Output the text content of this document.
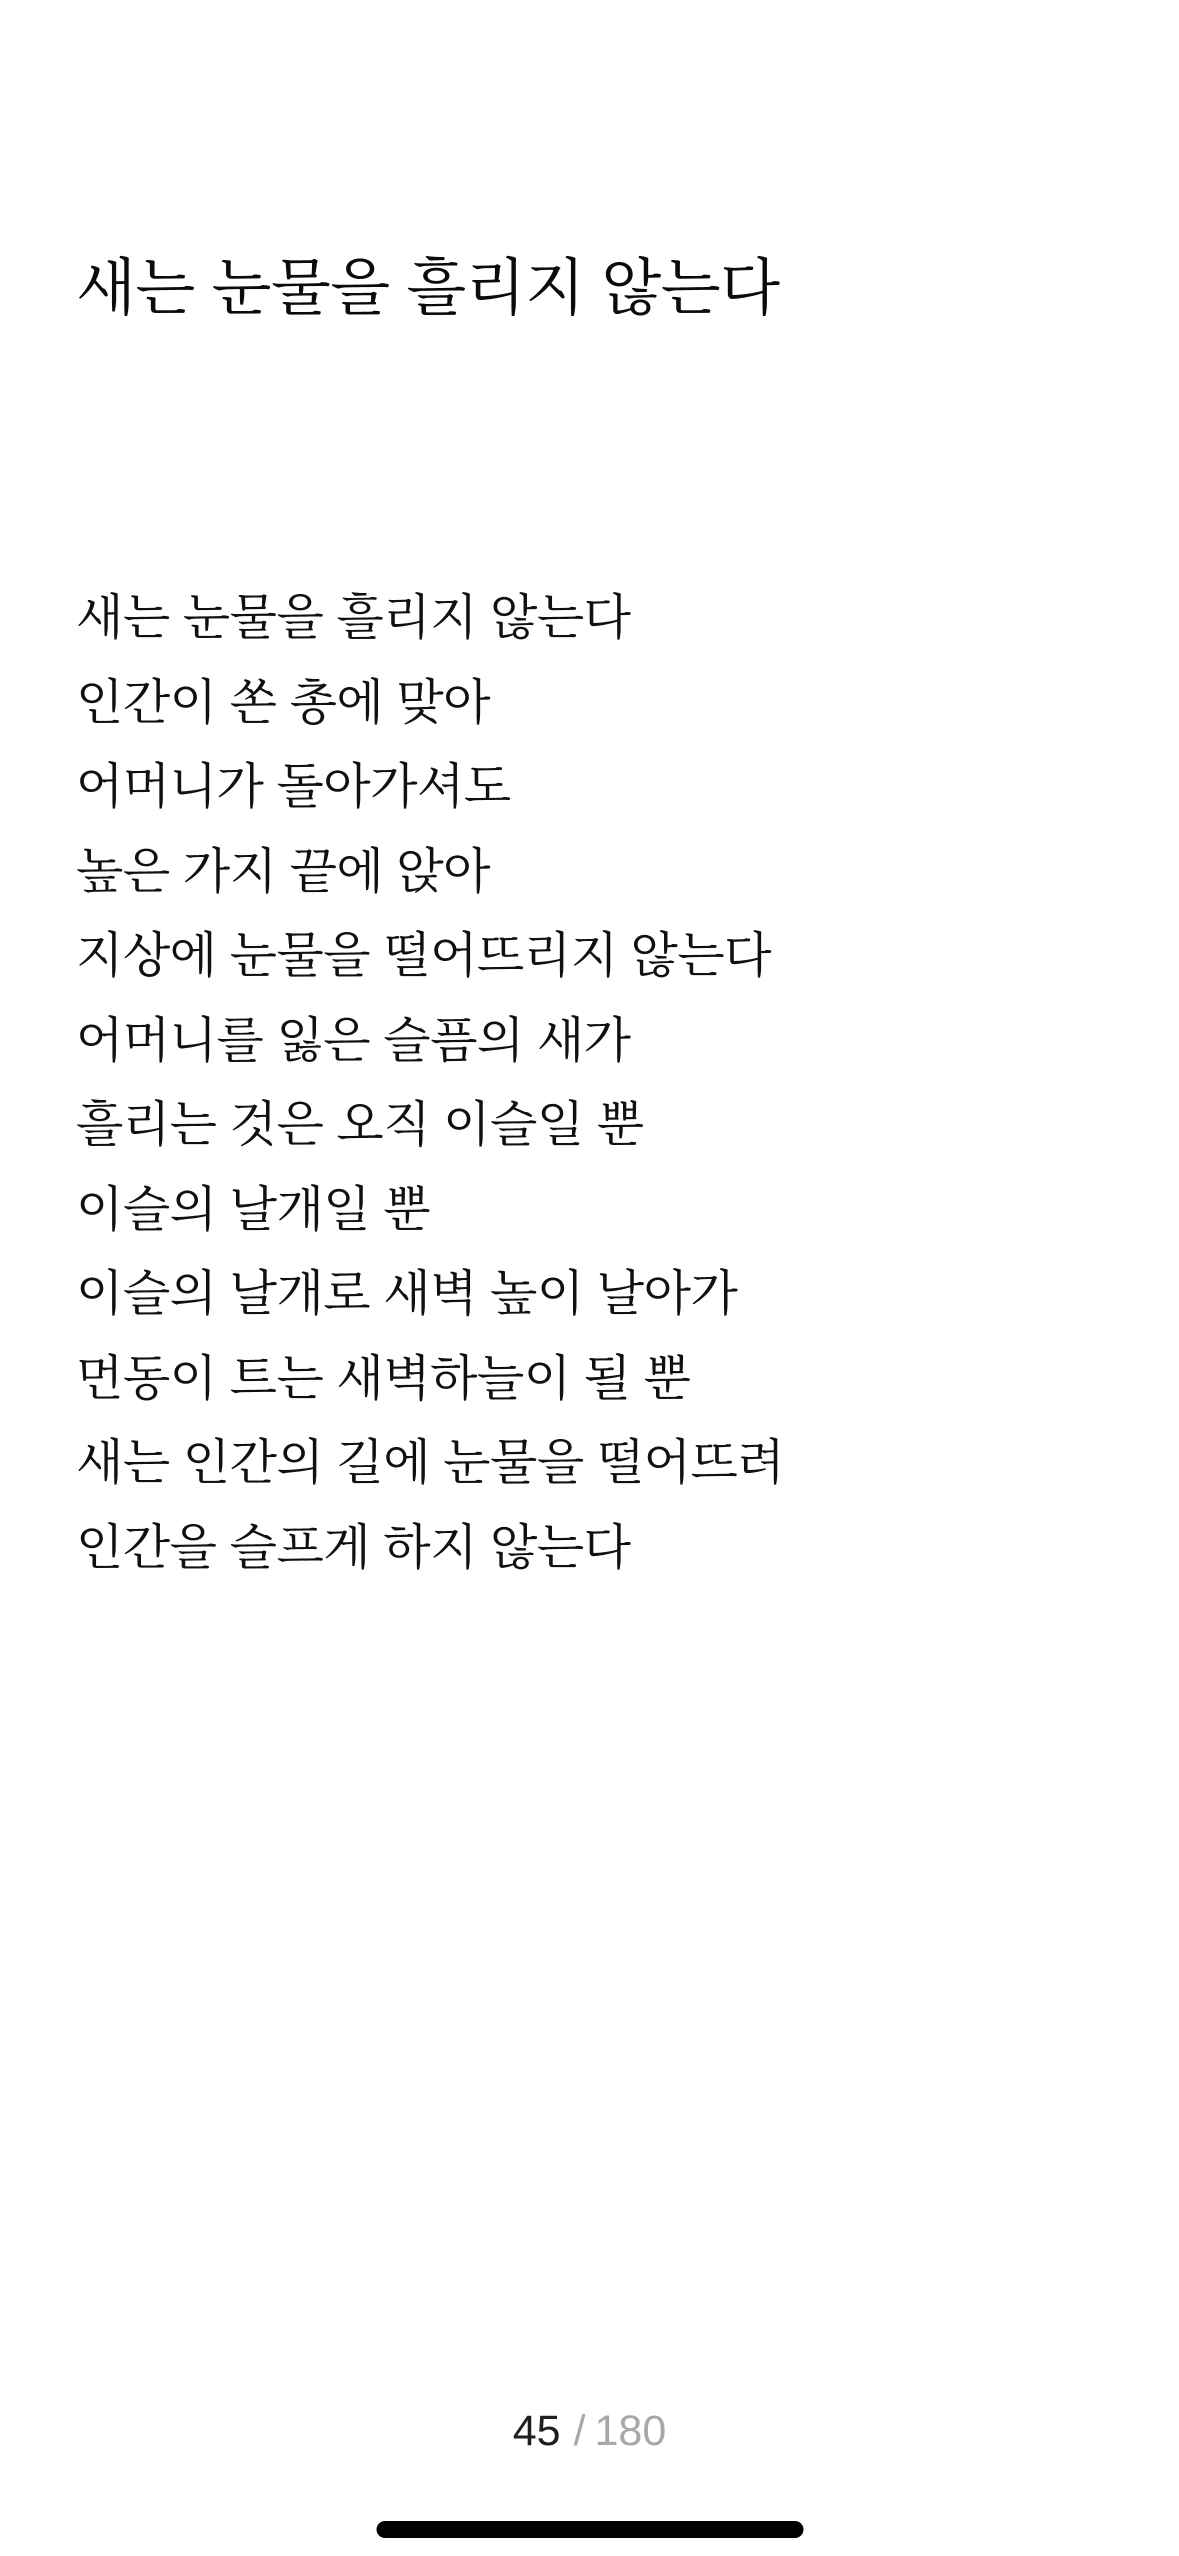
새는 눈물을 흘리지 않는다
새는 눈물을 흘리지 않는다
인간이 쏜 총에 맞아
어머니가 돌아가셔도
높은 가지 끝에 앉아
지상에 눈물을 떨어뜨리지 않는다
어머니를 잃은 슬픔의 새가
흘리는 것은 오직 이슬일 뿐
이슬의 날개일 뿐
이슬의 날개로 새벽 높이 날아가
먼동이 트는 새벽하늘이 될 뿐
새는 인간의 길에 눈물을 떨어뜨려
인간을 슬프게 하지 않는다
45 / 180
